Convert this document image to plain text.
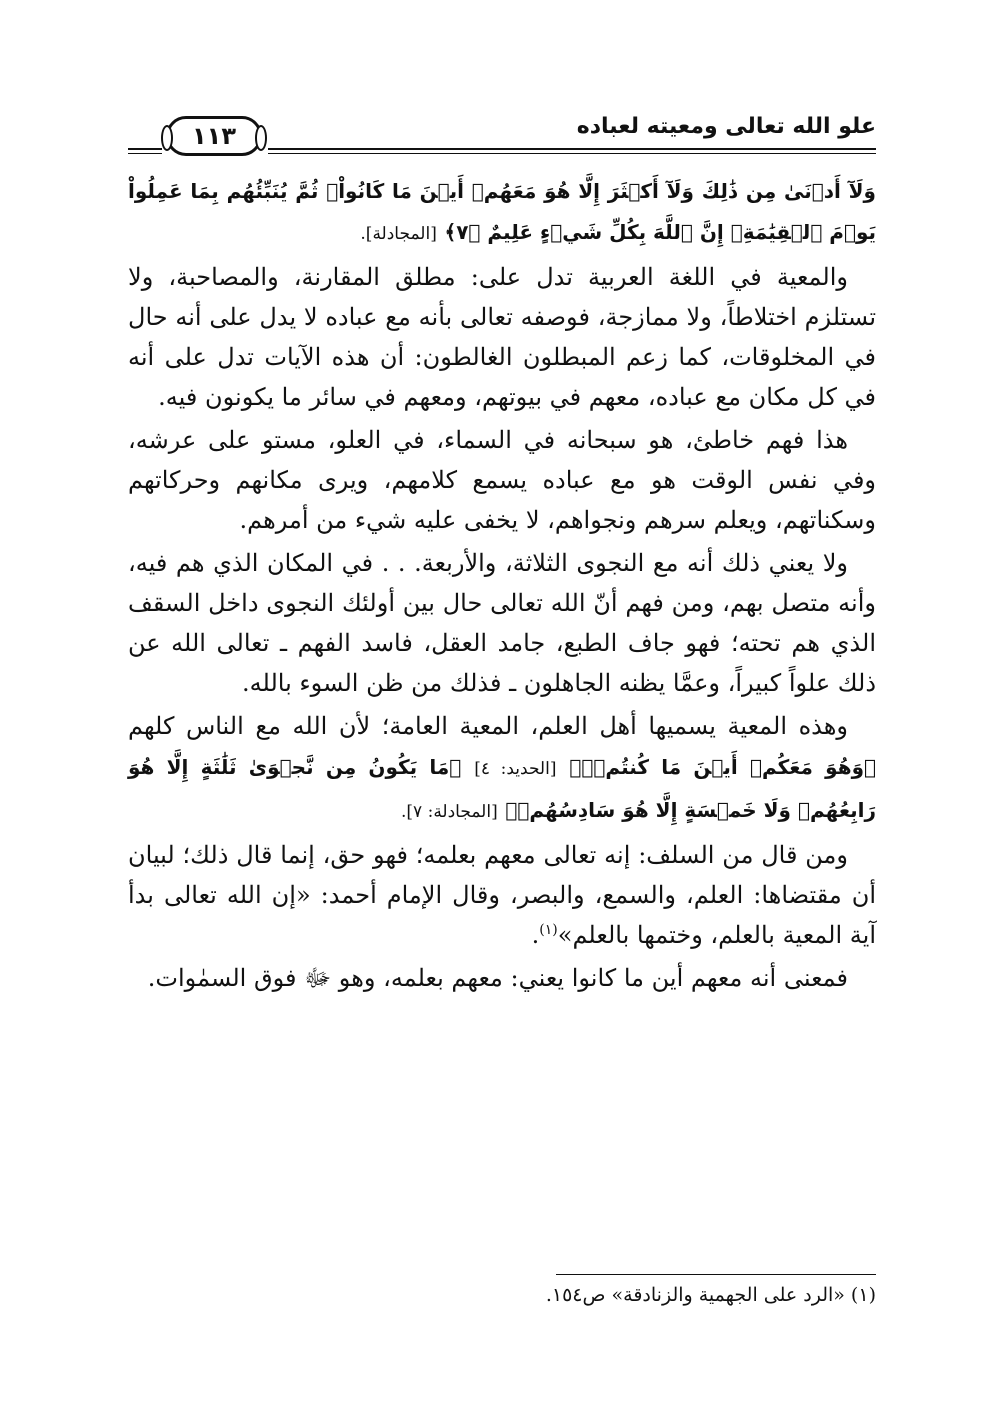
علو الله تعالى ومعيته لعباده
١١٣

وَلَآ أَدۡنَىٰ مِن ذَٰلِكَ وَلَآ أَكۡثَرَ إِلَّا هُوَ مَعَهُمۡ أَيۡنَ مَا كَانُواْۖ ثُمَّ يُنَبِّئُهُم بِمَا عَمِلُواْ يَوۡمَ ٱلۡقِيَٰمَةِۚ إِنَّ ٱللَّهَ بِكُلِّ شَيۡءٍ عَلِيمٌ ﴿٧﴾ [المجادلة].

والمعية في اللغة العربية تدل على: مطلق المقارنة، والمصاحبة، ولا تستلزم اختلاطاً، ولا ممازجة، فوصفه تعالى بأنه مع عباده لا يدل على أنه حال في المخلوقات، كما زعم المبطلون الغالطون: أن هذه الآيات تدل على أنه في كل مكان مع عباده، معهم في بيوتهم، ومعهم في سائر ما يكونون فيه.

هذا فهم خاطئ، هو سبحانه في السماء، في العلو، مستو على عرشه، وفي نفس الوقت هو مع عباده يسمع كلامهم، ويرى مكانهم وحركاتهم وسكناتهم، ويعلم سرهم ونجواهم، لا يخفى عليه شيء من أمرهم.

ولا يعني ذلك أنه مع النجوى الثلاثة، والأربعة. . . في المكان الذي هم فيه، وأنه متصل بهم، ومن فهم أنّ الله تعالى حال بين أولئك النجوى داخل السقف الذي هم تحته؛ فهو جاف الطبع، جامد العقل، فاسد الفهم ـ تعالى الله عن ذلك علواً كبيراً، وعمَّا يظنه الجاهلون ـ فذلك من ظن السوء بالله.

وهذه المعية يسميها أهل العلم، المعية العامة؛ لأن الله مع الناس كلهم ﴿وَهُوَ مَعَكُمۡ أَيۡنَ مَا كُنتُمۡۚ﴾ [الحديد: ٤] ﴿مَا يَكُونُ مِن نَّجۡوَىٰ ثَلَٰثَةٍ إِلَّا هُوَ رَابِعُهُمۡ وَلَا خَمۡسَةٍ إِلَّا هُوَ سَادِسُهُمۡ﴾ [المجادلة: ٧].

ومن قال من السلف: إنه تعالى معهم بعلمه؛ فهو حق، إنما قال ذلك؛ لبيان أن مقتضاها: العلم، والسمع، والبصر، وقال الإمام أحمد: «إن الله تعالى بدأ آية المعية بالعلم، وختمها بالعلم»$^{(١)}$.

فمعنى أنه معهم أين ما كانوا يعني: معهم بعلمه، وهو ﷻ فوق السمٰوات.

(١) «الرد على الجهمية والزنادقة» ص١٥٤.
